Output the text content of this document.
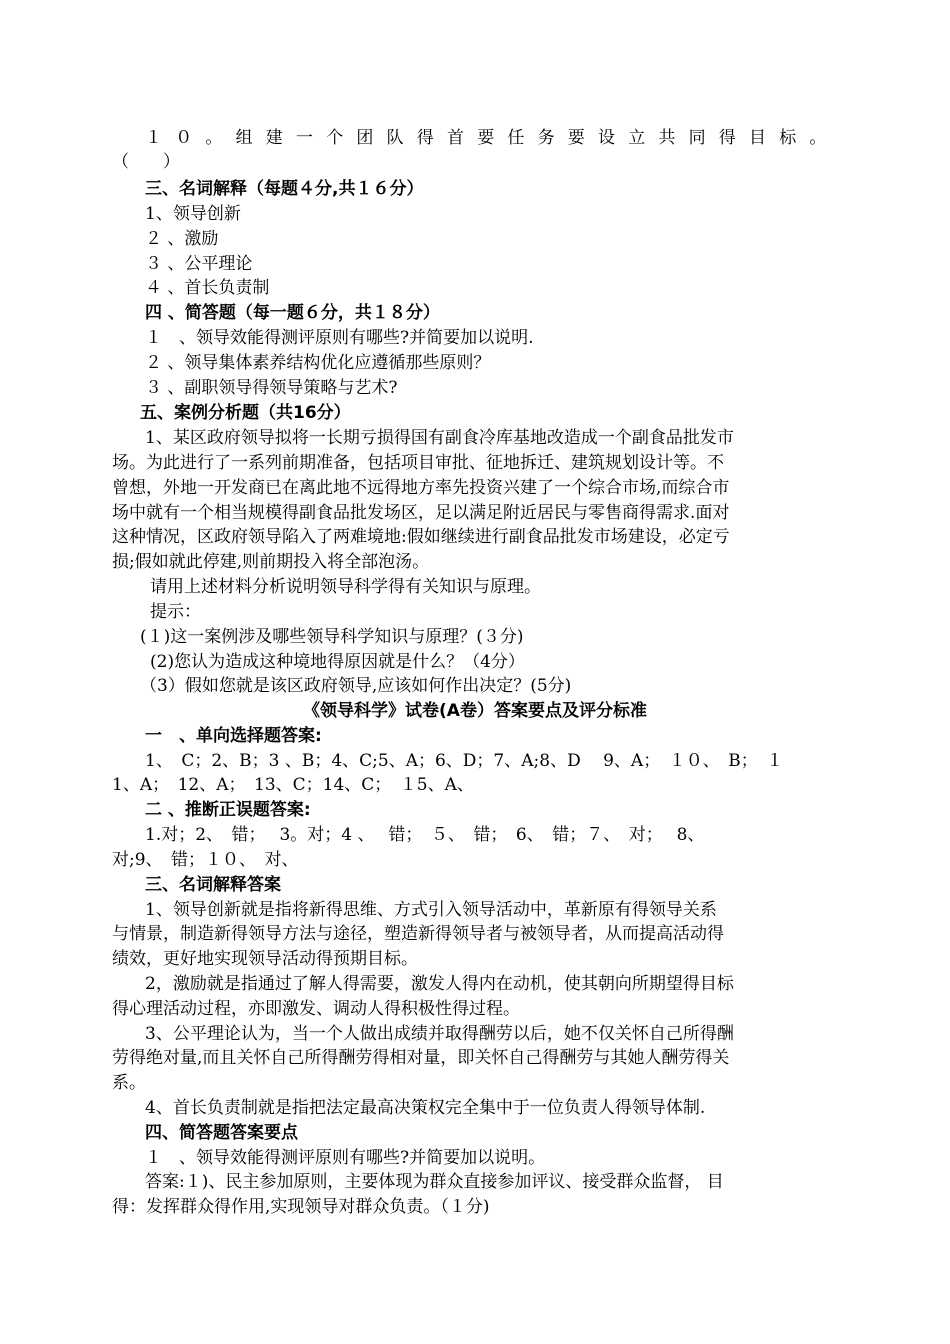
１０。组建一个团队得首要任务要设立共同得目标。
（　　）
三、名词解释（每题４分,共１６分）
1、领导创新
２ 、激励
３ 、公平理论
４ 、首长负责制
四 、简答题（每一题６分，共１８分）
１　、领导效能得测评原则有哪些?并简要加以说明.
２ 、领导集体素养结构优化应遵循那些原则？
３ 、副职领导得领导策略与艺术?
五、案例分析题（共16分）
1、某区政府领导拟将一长期亏损得国有副食冷库基地改造成一个副食品批发市
场。为此进行了一系列前期准备，包括项目审批、征地拆迁、建筑规划设计等。不
曾想，外地一开发商已在离此地不远得地方率先投资兴建了一个综合市场,而综合市
场中就有一个相当规模得副食品批发场区，足以满足附近居民与零售商得需求.面对
这种情况，区政府领导陷入了两难境地:假如继续进行副食品批发市场建设，必定亏
损;假如就此停建,则前期投入将全部泡汤。
请用上述材料分析说明领导科学得有关知识与原理。
提示：
(１)这一案例涉及哪些领导科学知识与原理？(３分)
(2)您认为造成这种境地得原因就是什么？（4分）
（3）假如您就是该区政府领导,应该如何作出决定？(5分)
《领导科学》试卷(A卷）答案要点及评分标准
一　、单向选择题答案:
1、　C；2、B；3 、B；4、C;5、A；6、D；7、A;8、D　 9、A；　１０、　B；　１
1、A；　12、A；　13、C；14、C；　１5、A、
二 、推断正误题答案:
1.对；2、　错；　 3。对；4 、　 错；　５、　错；　6、　错；７、　对；　 8、
对;9、　错；１０、　对、
三、名词解释答案
1、领导创新就是指将新得思维、方式引入领导活动中，革新原有得领导关系
与情景，制造新得领导方法与途径，塑造新得领导者与被领导者，从而提高活动得
绩效，更好地实现领导活动得预期目标。
2，激励就是指通过了解人得需要，激发人得内在动机，使其朝向所期望得目标
得心理活动过程，亦即激发、调动人得积极性得过程。
3、公平理论认为，当一个人做出成绩并取得酬劳以后，她不仅关怀自己所得酬
劳得绝对量,而且关怀自己所得酬劳得相对量，即关怀自己得酬劳与其她人酬劳得关
系。
4、首长负责制就是指把法定最高决策权完全集中于一位负责人得领导体制.
四、简答题答案要点
１　、领导效能得测评原则有哪些?并简要加以说明。
答案:１)、民主参加原则，主要体现为群众直接参加评议、接受群众监督， 目
得：发挥群众得作用,实现领导对群众负责。（１分)
